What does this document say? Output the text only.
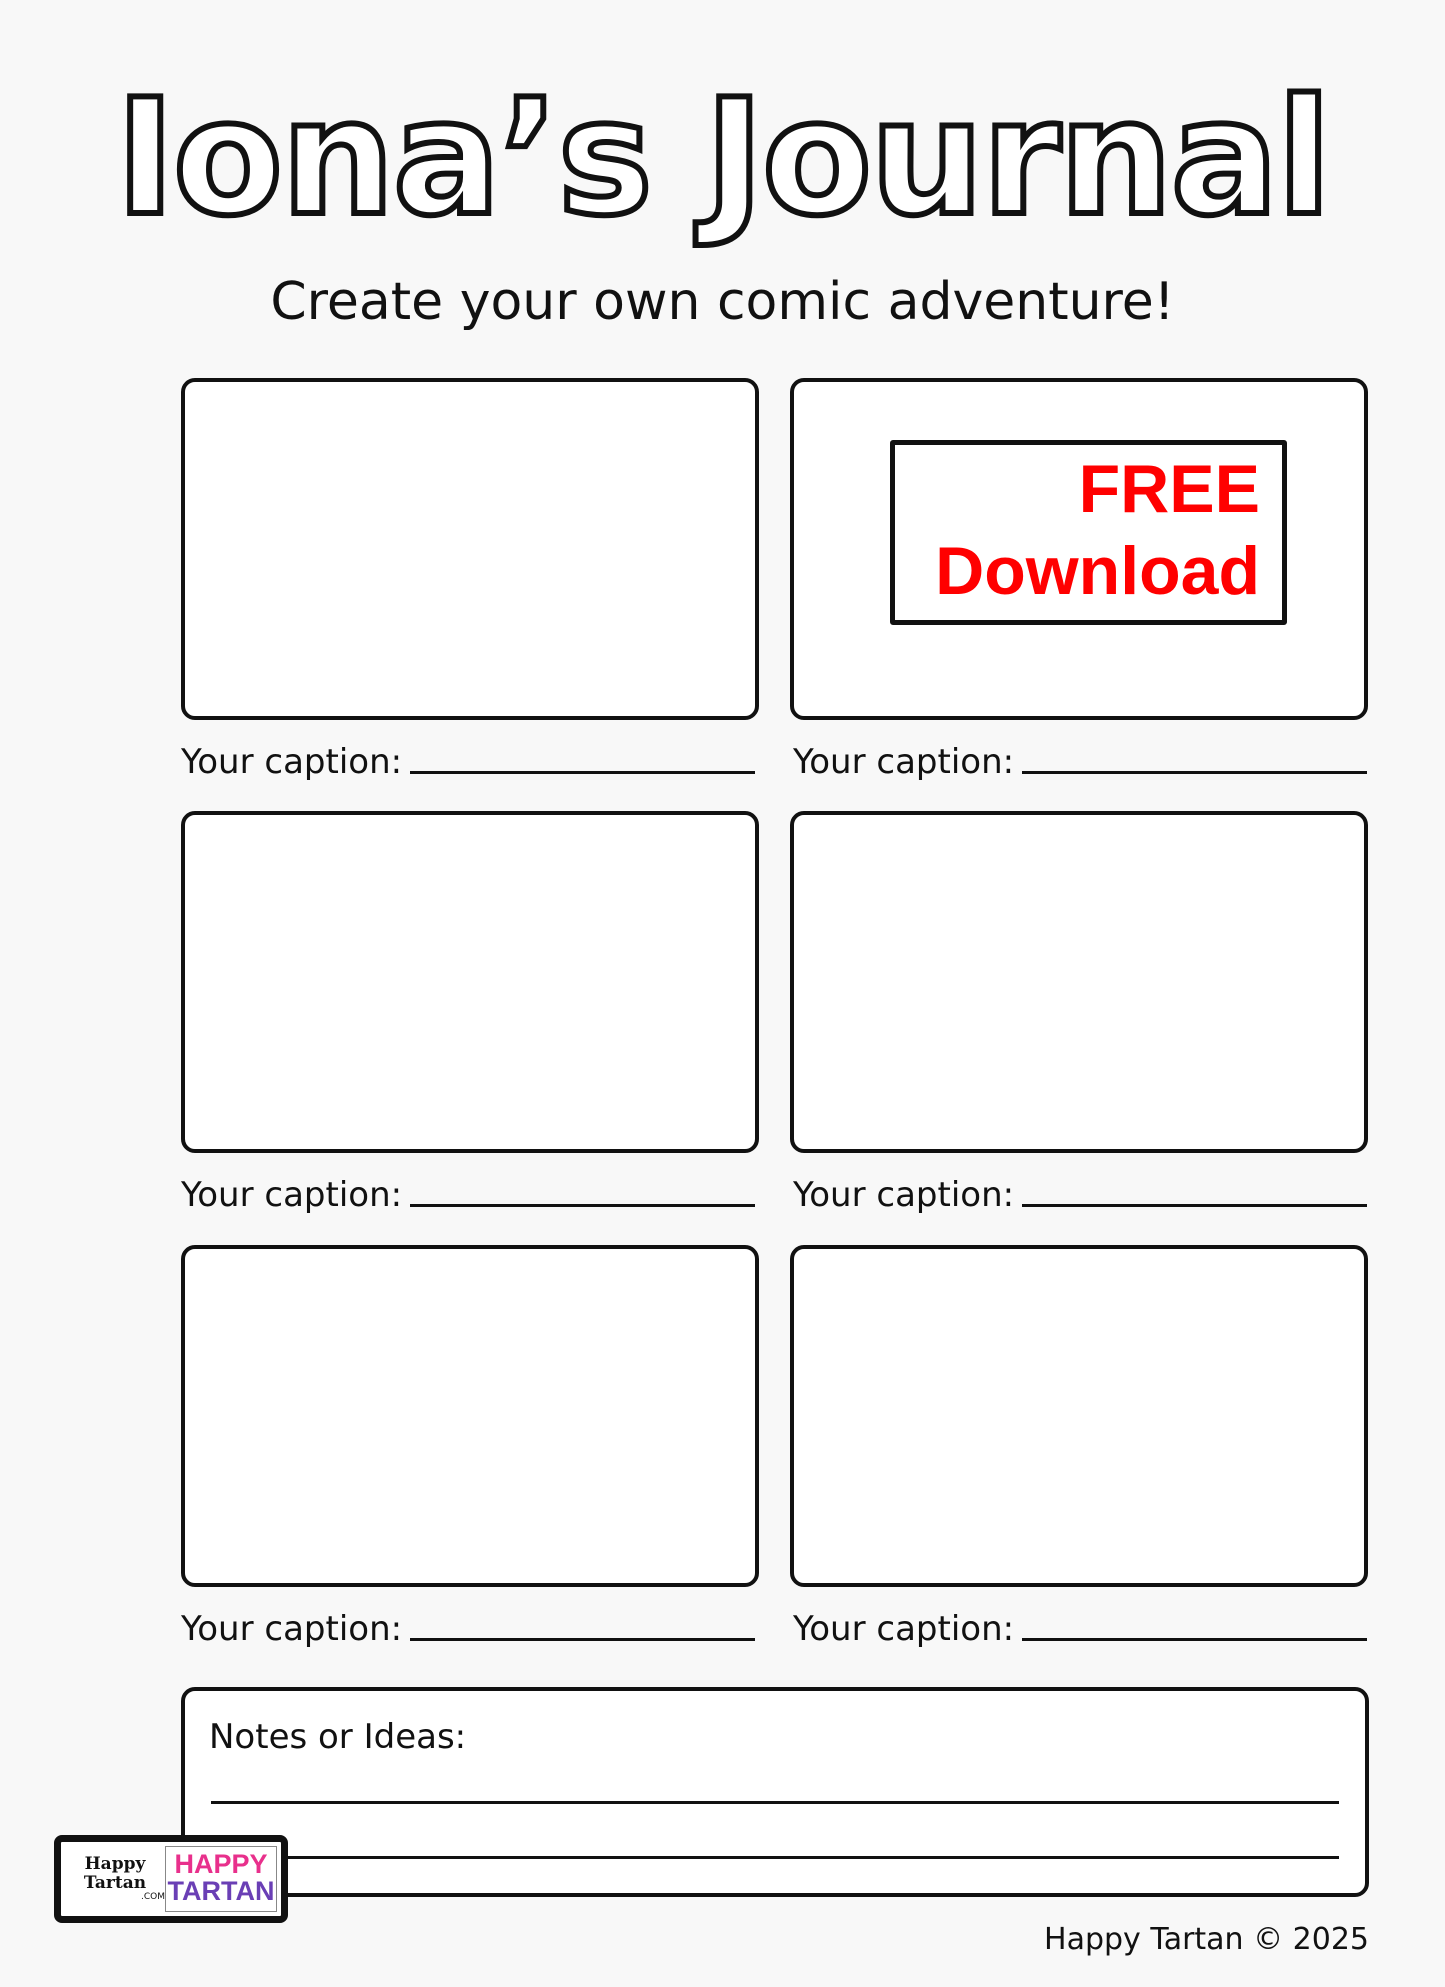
Iona’s Journal
Create your own comic adventure!
Your caption:
FREE
Download
Your caption:
Your caption:	Your caption:
Your caption:	Your caption:
Notes or Ideas:
Happy
Tartan
.COM
HAPPY
TARTAN
Happy Tartan © 2025
